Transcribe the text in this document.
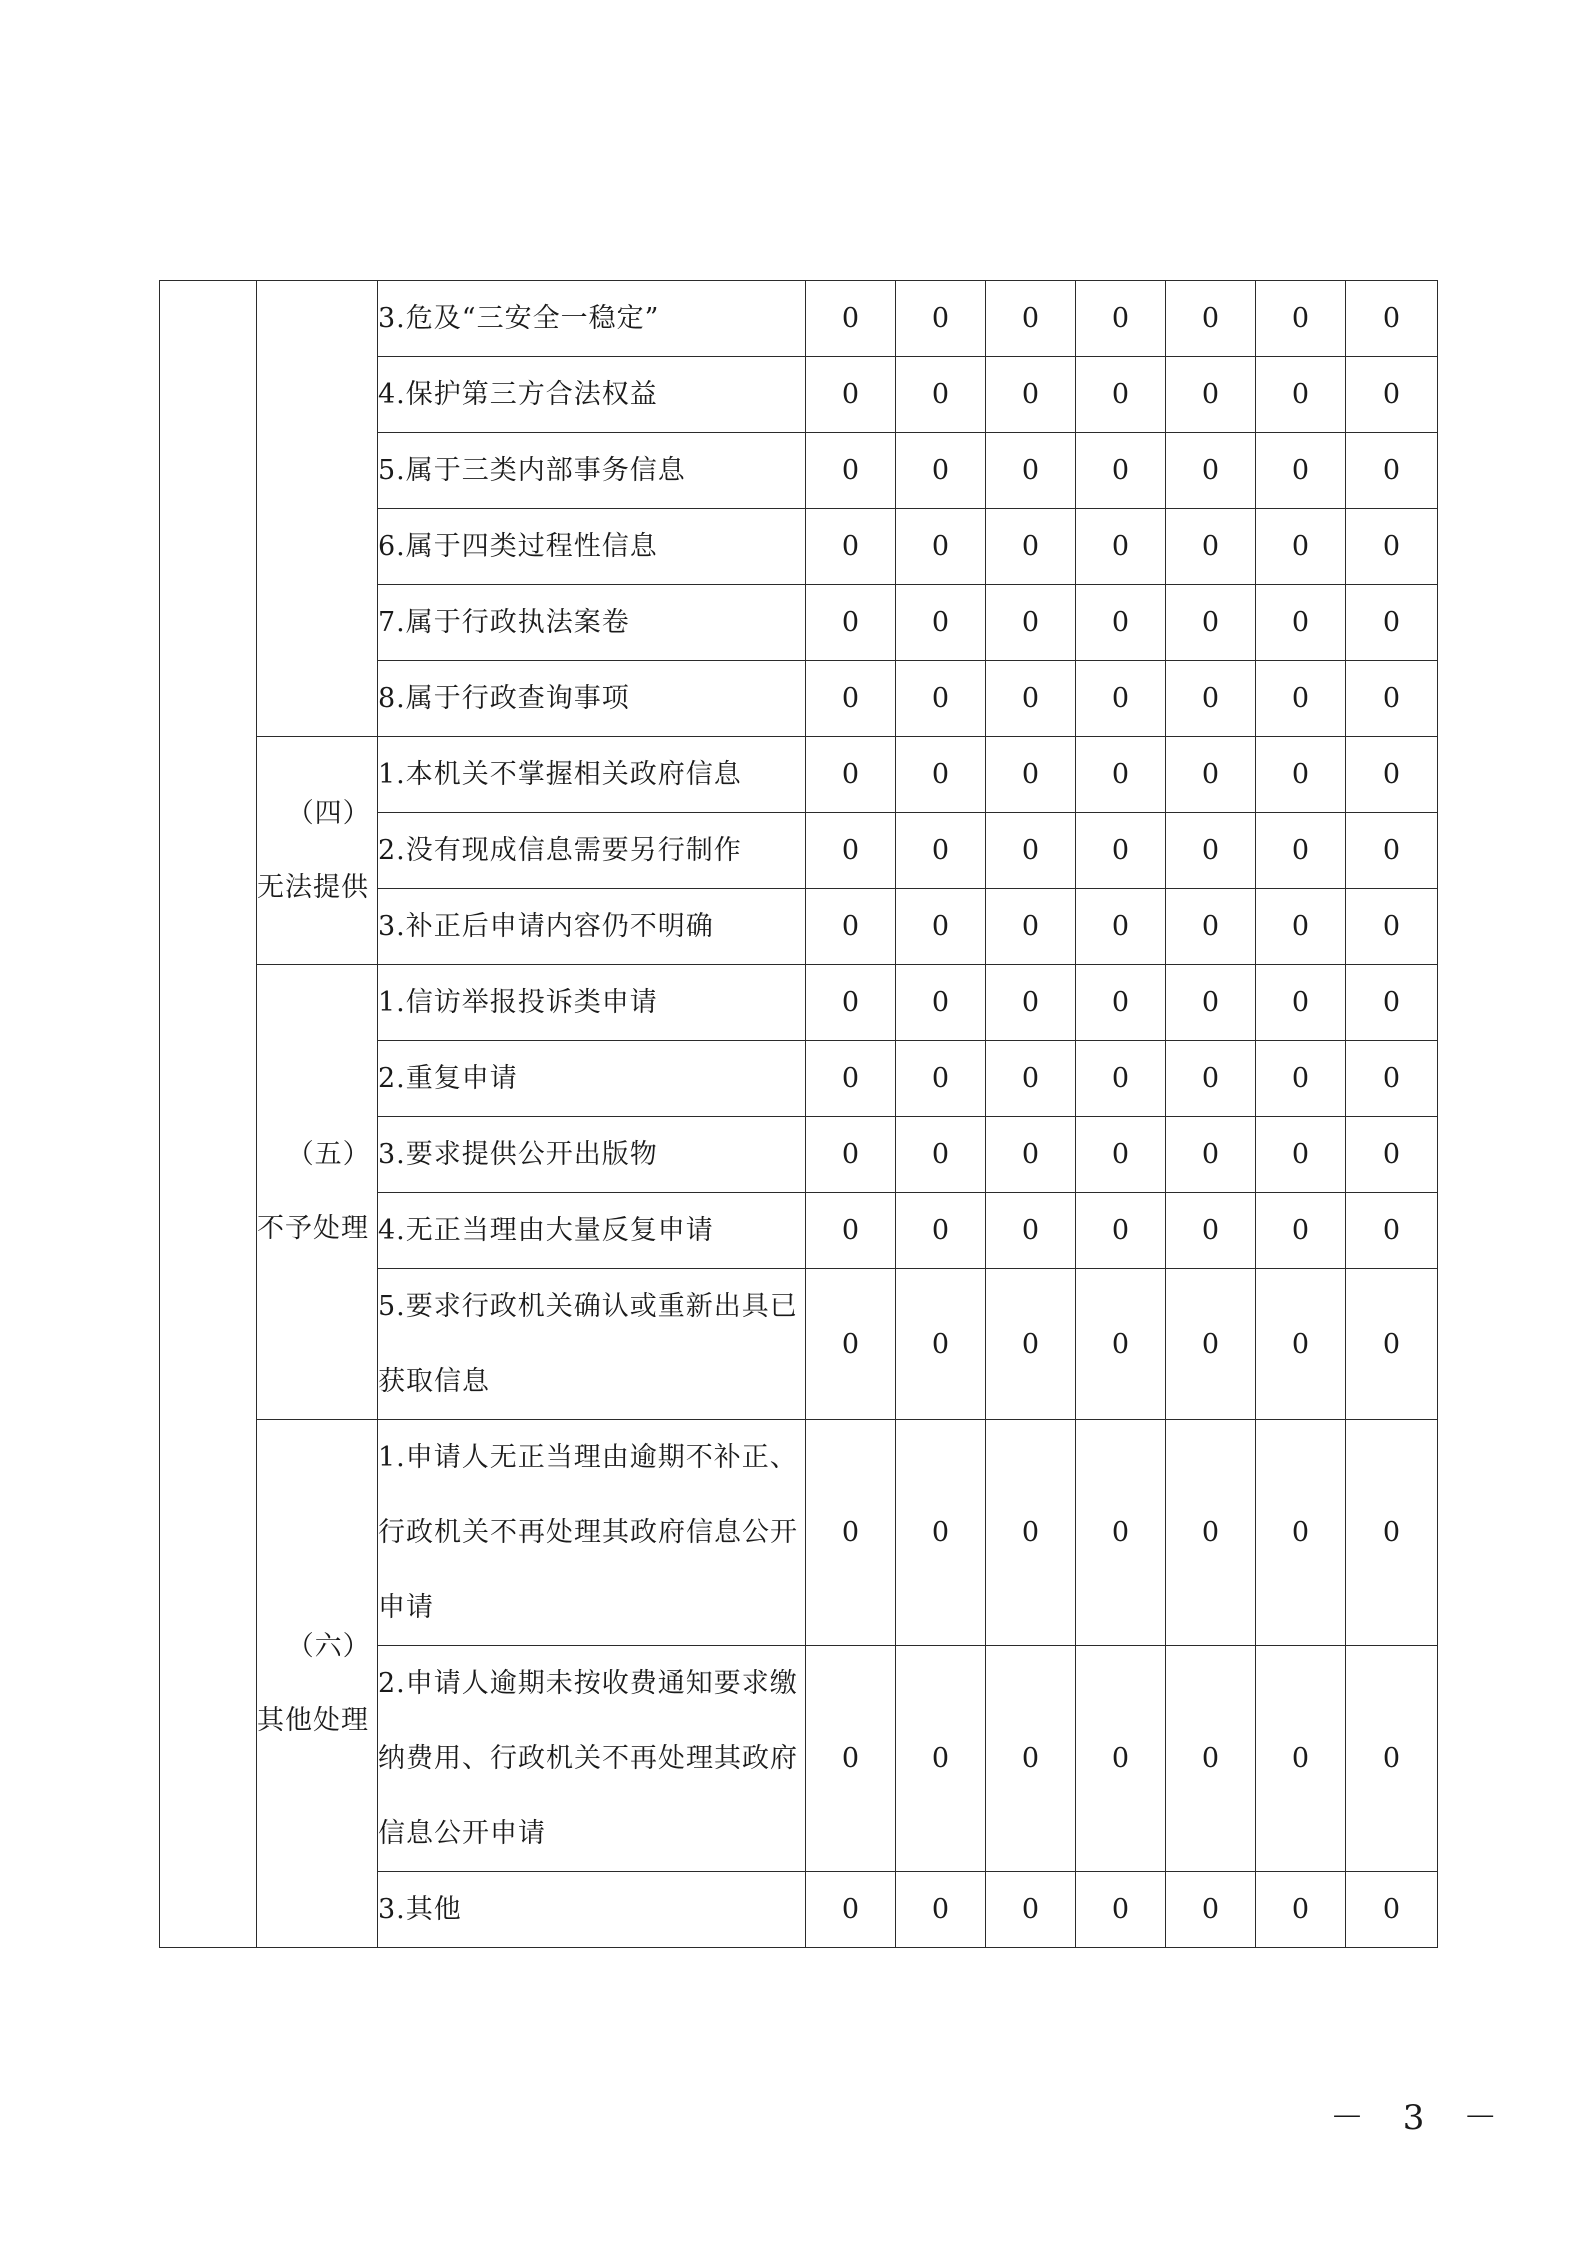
		3.危及“三安全一稳定”	0	0	0	0	0	0	0
		4.保护第三方合法权益	0	0	0	0	0	0	0
		5.属于三类内部事务信息	0	0	0	0	0	0	0
		6.属于四类过程性信息	0	0	0	0	0	0	0
		7.属于行政执法案卷	0	0	0	0	0	0	0
		8.属于行政查询事项	0	0	0	0	0	0	0
	（四）无法提供	1.本机关不掌握相关政府信息	0	0	0	0	0	0	0
		2.没有现成信息需要另行制作	0	0	0	0	0	0	0
		3.补正后申请内容仍不明确	0	0	0	0	0	0	0
	（五）不予处理	1.信访举报投诉类申请	0	0	0	0	0	0	0
		2.重复申请	0	0	0	0	0	0	0
		3.要求提供公开出版物	0	0	0	0	0	0	0
		4.无正当理由大量反复申请	0	0	0	0	0	0	0
		5.要求行政机关确认或重新出具已获取信息	0	0	0	0	0	0	0
	（六）其他处理	1.申请人无正当理由逾期不补正、行政机关不再处理其政府信息公开申请	0	0	0	0	0	0	0
		2.申请人逾期未按收费通知要求缴纳费用、行政机关不再处理其政府信息公开申请	0	0	0	0	0	0	0
		3.其他	0	0	0	0	0	0	0
－ 3 －
